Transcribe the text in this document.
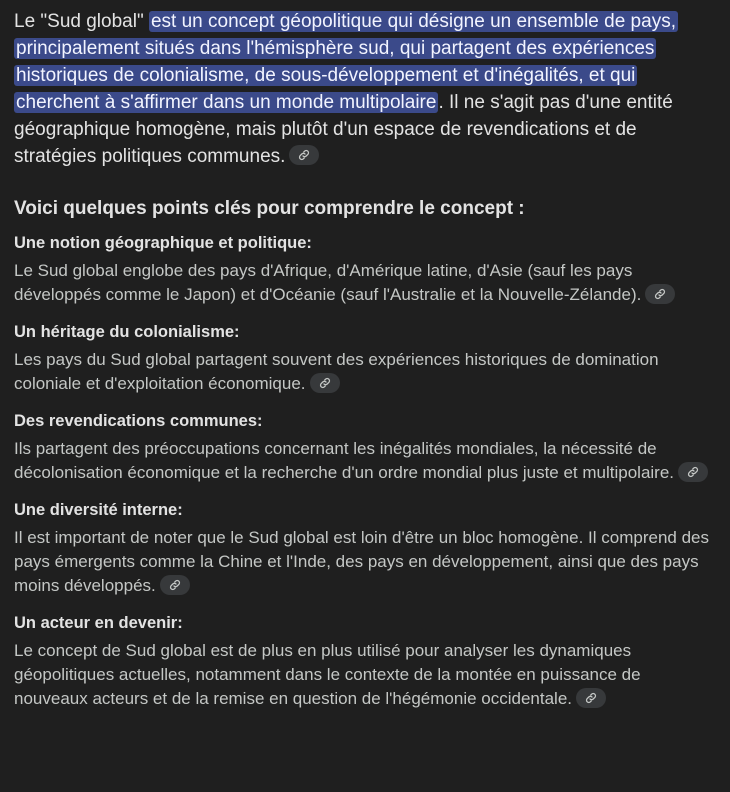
Le "Sud global" est un concept géopolitique qui désigne un ensemble de pays, principalement situés dans l'hémisphère sud, qui partagent des expériences historiques de colonialisme, de sous-développement et d'inégalités, et qui cherchent à s'affirmer dans un monde multipolaire . Il ne s'agit pas d'une entité géographique homogène, mais plutôt d'un espace de revendications et de stratégies politiques communes.

Voici quelques points clés pour comprendre le concept :
Une notion géographique et politique:

Le Sud global englobe des pays d'Afrique, d'Amérique latine, d'Asie (sauf les pays développés comme le Japon) et d'Océanie (sauf l'Australie et la Nouvelle-Zélande).

Un héritage du colonialisme:

Les pays du Sud global partagent souvent des expériences historiques de domination coloniale et d'exploitation économique.

Des revendications communes:

Ils partagent des préoccupations concernant les inégalités mondiales, la nécessité de décolonisation économique et la recherche d'un ordre mondial plus juste et multipolaire.

Une diversité interne:

Il est important de noter que le Sud global est loin d'être un bloc homogène. Il comprend des pays émergents comme la Chine et l'Inde, des pays en développement, ainsi que des pays moins développés.

Un acteur en devenir:

Le concept de Sud global est de plus en plus utilisé pour analyser les dynamiques géopolitiques actuelles, notamment dans le contexte de la montée en puissance de nouveaux acteurs et de la remise en question de l'hégémonie occidentale.
